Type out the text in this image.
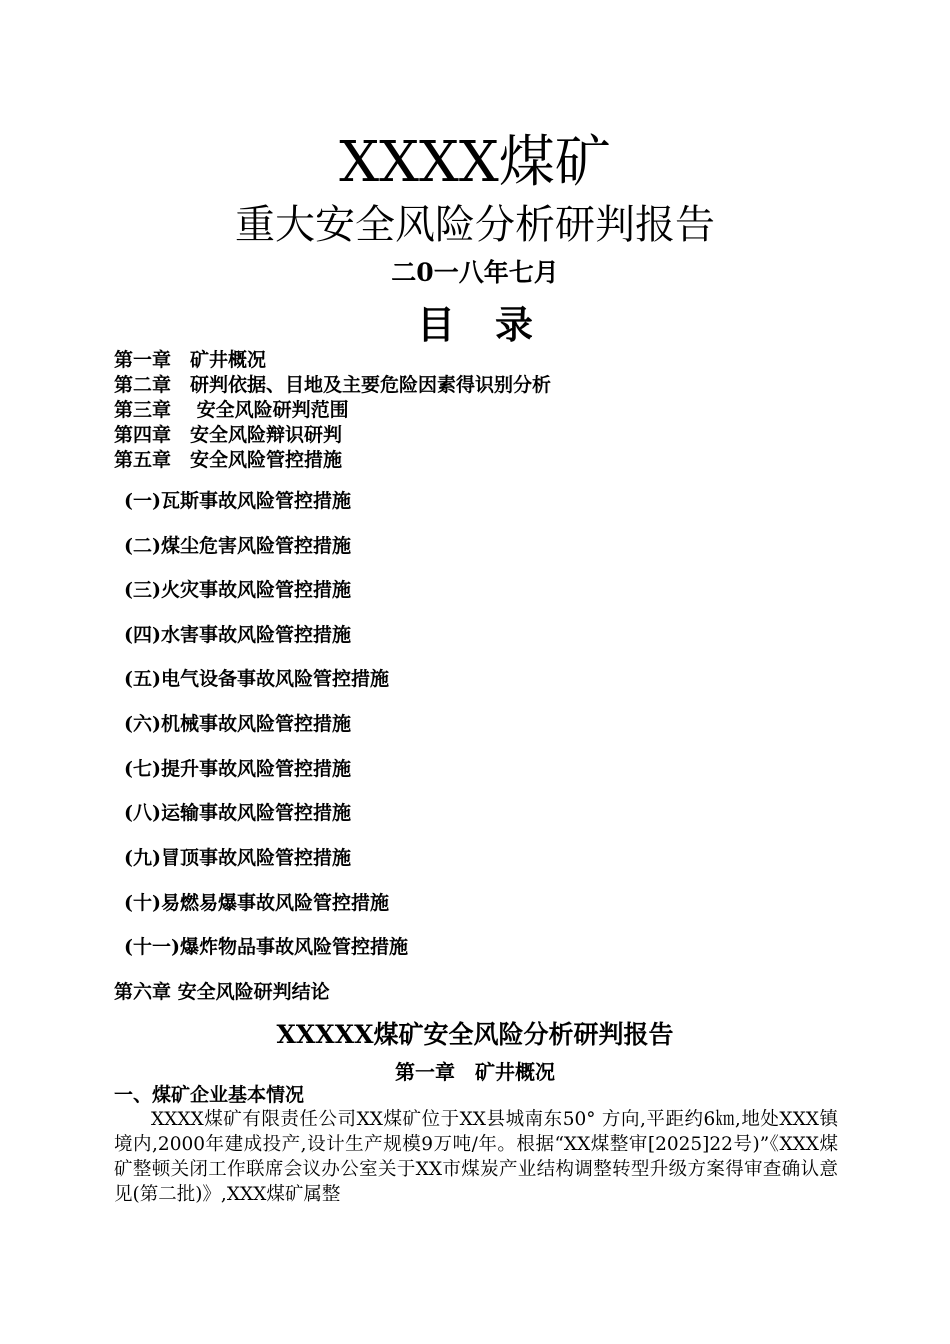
XXXX煤矿
重大安全风险分析研判报告
二0一八年七月
目录
第一章　矿井概况
第二章　研判依据、目地及主要危险因素得识别分析
第三章　 安全风险研判范围
第四章　安全风险辩识研判
第五章　安全风险管控措施
(一)瓦斯事故风险管控措施
(二)煤尘危害风险管控措施
(三)火灾事故风险管控措施
(四)水害事故风险管控措施
(五)电气设备事故风险管控措施
(六)机械事故风险管控措施
(七)提升事故风险管控措施
(八)运输事故风险管控措施
(九)冒顶事故风险管控措施
(十)易燃易爆事故风险管控措施
(十一)爆炸物品事故风险管控措施
第六章 安全风险研判结论
XXXXX煤矿安全风险分析研判报告
第一章　矿井概况
一、煤矿企业基本情况
XXXX煤矿有限责任公司XX煤矿位于XX县城南东50° 方向,平距约6㎞,地处XXX镇境内,2000年建成投产,设计生产规模9万吨/年。根据“XX煤整审[2025]22号)”《XXX煤矿整顿关闭工作联席会议办公室关于XX市煤炭产业结构调整转型升级方案得审查确认意见(第二批)》,XXX煤矿属整
